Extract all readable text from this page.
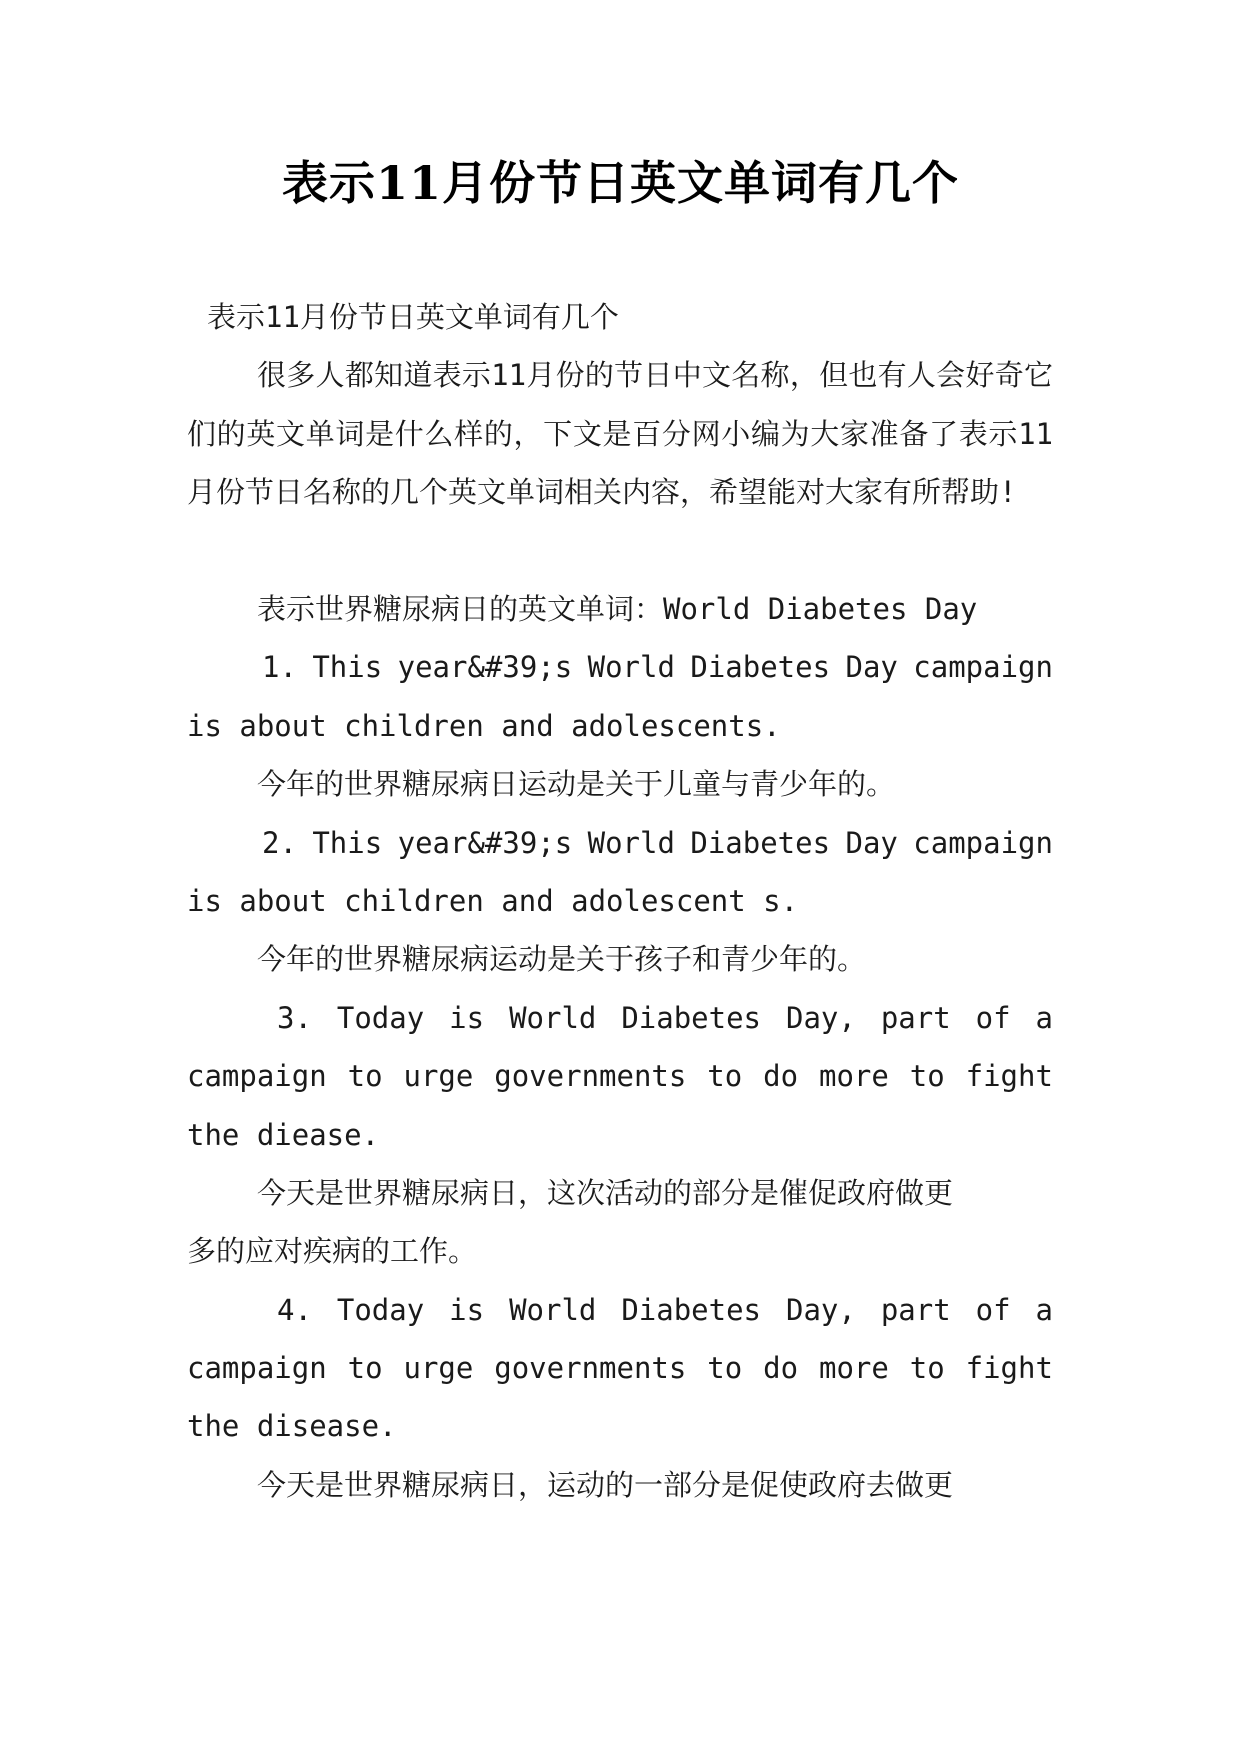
表示11月份节日英文单词有几个
表示11月份节日英文单词有几个
很多人都知道表示11月份的节日中文名称，但也有人会好奇它们的英文单词是什么样的，下文是百分网小编为大家准备了表示11月份节日名称的几个英文单词相关内容，希望能对大家有所帮助!
表示世界糖尿病日的英文单词：World Diabetes Day
1. This year&#39;s World Diabetes Day campaign
is about children and adolescents.
今年的世界糖尿病日运动是关于儿童与青少年的。
2. This year&#39;s World Diabetes Day campaign
is about children and adolescent s.
今年的世界糖尿病运动是关于孩子和青少年的。
3. Today is World Diabetes Day, part of a
campaign to urge governments to do more to fight
the diease.
今天是世界糖尿病日，这次活动的部分是催促政府做更
多的应对疾病的工作。
4. Today is World Diabetes Day, part of a
campaign to urge governments to do more to fight
the disease.
今天是世界糖尿病日，运动的一部分是促使政府去做更
